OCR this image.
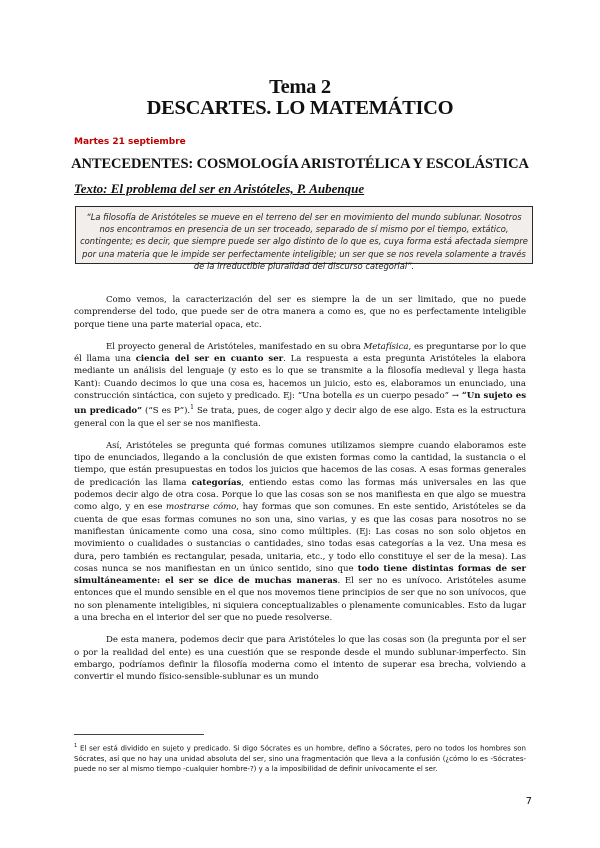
Tema 2
DESCARTES. LO MATEMÁTICO
Martes 21 septiembre
ANTECEDENTES: COSMOLOGÍA ARISTOTÉLICA Y ESCOLÁSTICA
Texto: El problema del ser en Aristóteles, P. Aubenque
“La filosofía de Aristóteles se mueve en el terreno del ser en movimiento del mundo sublunar. Nosotros nos encontramos en presencia de un ser troceado, separado de sí mismo por el tiempo, extático, contingente; es decir, que siempre puede ser algo distinto de lo que es, cuya forma está afectada siempre por una materia que le impide ser perfectamente inteligible; un ser que se nos revela solamente a través de la irreductible pluralidad del discurso categorial”.

Como vemos, la caracterización del ser es siempre la de un ser limitado, que no puede comprenderse del todo, que puede ser de otra manera a como es, que no es perfectamente inteligible porque tiene una parte material opaca, etc.

El proyecto general de Aristóteles, manifestado en su obra Metafísica, es preguntarse por lo que él llama una ciencia del ser en cuanto ser. La respuesta a esta pregunta Aristóteles la elabora mediante un análisis del lenguaje (y esto es lo que se transmite a la filosofía medieval y llega hasta Kant): Cuando decimos lo que una cosa es, hacemos un juicio, esto es, elaboramos un enunciado, una construcción sintáctica, con sujeto y predicado. Ej: “Una botella es un cuerpo pesado” → “Un sujeto es un predicado” (“S es P”).$^1$ Se trata, pues, de coger algo y decir algo de ese algo. Esta es la estructura general con la que el ser se nos manifiesta.

Así, Aristóteles se pregunta qué formas comunes utilizamos siempre cuando elaboramos este tipo de enunciados, llegando a la conclusión de que existen formas como la cantidad, la sustancia o el tiempo, que están presupuestas en todos los juicios que hacemos de las cosas. A esas formas generales de predicación las llama categorías, entiendo estas como las formas más universales en las que podemos decir algo de otra cosa. Porque lo que las cosas son se nos manifiesta en que algo se muestra como algo, y en ese mostrarse cómo, hay formas que son comunes. En este sentido, Aristóteles se da cuenta de que esas formas comunes no son una, sino varias, y es que las cosas para nosotros no se manifiestan únicamente como una cosa, sino como múltiples. (Ej: Las cosas no son solo objetos en movimiento o cualidades o sustancias o cantidades, sino todas esas categorías a la vez. Una mesa es dura, pero también es rectangular, pesada, unitaria, etc., y todo ello constituye el ser de la mesa). Las cosas nunca se nos manifiestan en un único sentido, sino que todo tiene distintas formas de ser simultáneamente: el ser se dice de muchas maneras. El ser no es unívoco. Aristóteles asume entonces que el mundo sensible en el que nos movemos tiene principios de ser que no son unívocos, que no son plenamente inteligibles, ni siquiera conceptualizables o plenamente comunicables. Esto da lugar a una brecha en el interior del ser que no puede resolverse.

De esta manera, podemos decir que para Aristóteles lo que las cosas son (la pregunta por el ser o por la realidad del ente) es una cuestión que se responde desde el mundo sublunar-imperfecto. Sin embargo, podríamos definir la filosofía moderna como el intento de superar esa brecha, volviendo a convertir el mundo físico-sensible-sublunar es un mundo

$^1$ El ser está dividido en sujeto y predicado. Si digo Sócrates es un hombre, defino a Sócrates, pero no todos los hombres son Sócrates, así que no hay una unidad absoluta del ser, sino una fragmentación que lleva a la confusión (¿cómo lo es -Sócrates- puede no ser al mismo tiempo -cualquier hombre-?) y a la imposibilidad de definir unívocamente el ser.
7
